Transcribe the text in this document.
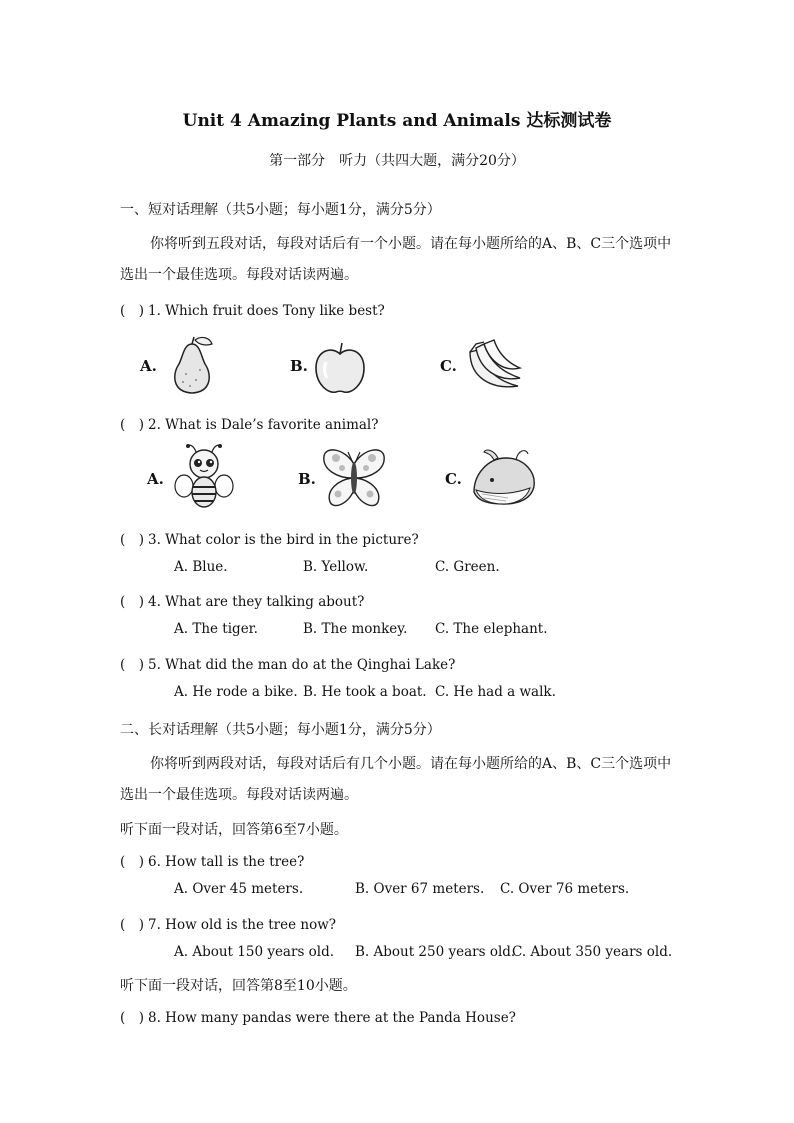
Unit 4 Amazing Plants and Animals 达标测试卷
第一部分　听力（共四大题，满分20分）
一、短对话理解（共5小题；每小题1分，满分5分）
你将听到五段对话，每段对话后有一个小题。请在每小题所给的A、B、C三个选项中选出一个最佳选项。每段对话读两遍。
(　) 1. Which fruit does Tony like best?
A.	B.	C.
(　) 2. What is Dale’s favorite animal?
A.	B.	C.
(　) 3. What color is the bird in the picture?
A. Blue.	B. Yellow.	C. Green.
(　) 4. What are they talking about?
A. The tiger.	B. The monkey. C. The elephant.
(　) 5. What did the man do at the Qinghai Lake?
A. He rode a bike. B. He took a boat. C. He had a walk.
二、长对话理解（共5小题；每小题1分，满分5分）
你将听到两段对话，每段对话后有几个小题。请在每小题所给的A、B、C三个选项中选出一个最佳选项。每段对话读两遍。
听下面一段对话，回答第6至7小题。
(　) 6. How tall is the tree?
A. Over 45 meters.	B. Over 67 meters. C. Over 76 meters.
(　) 7. How old is the tree now?
A. About 150 years old. B. About 250 years old.
C. About 350 years old.
听下面一段对话，回答第8至10小题。
(　) 8. How many pandas were there at the Panda House?
